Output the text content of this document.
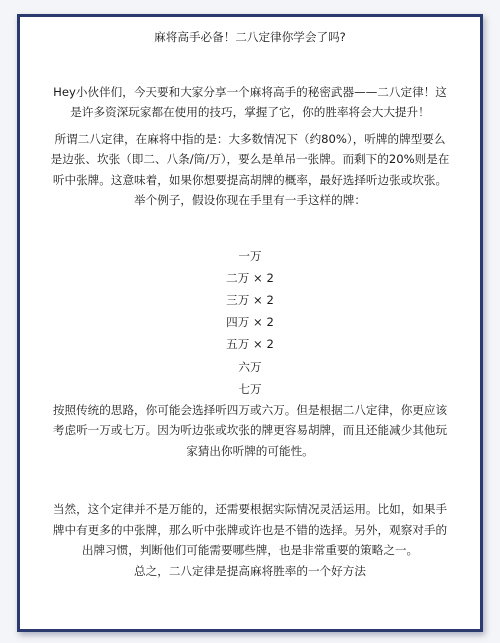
麻将高手必备！二八定律你学会了吗?
Hey小伙伴们，今天要和大家分享一个麻将高手的秘密武器——二八定律！这是许多资深玩家都在使用的技巧，掌握了它，你的胜率将会大大提升！
所谓二八定律，在麻将中指的是：大多数情况下（约80%），听牌的牌型要么是边张、坎张（即二、八条/筒/万），要么是单吊一张牌。而剩下的20%则是在听中张牌。这意味着，如果你想要提高胡牌的概率，最好选择听边张或坎张。
举个例子，假设你现在手里有一手这样的牌：
一万
二万 × 2
三万 × 2
四万 × 2
五万 × 2
六万
七万
按照传统的思路，你可能会选择听四万或六万。但是根据二八定律，你更应该考虑听一万或七万。因为听边张或坎张的牌更容易胡牌，而且还能减少其他玩家猜出你听牌的可能性。
当然，这个定律并不是万能的，还需要根据实际情况灵活运用。比如，如果手牌中有更多的中张牌，那么听中张牌或许也是不错的选择。另外，观察对手的出牌习惯，判断他们可能需要哪些牌，也是非常重要的策略之一。
总之，二八定律是提高麻将胜率的一个好方法
